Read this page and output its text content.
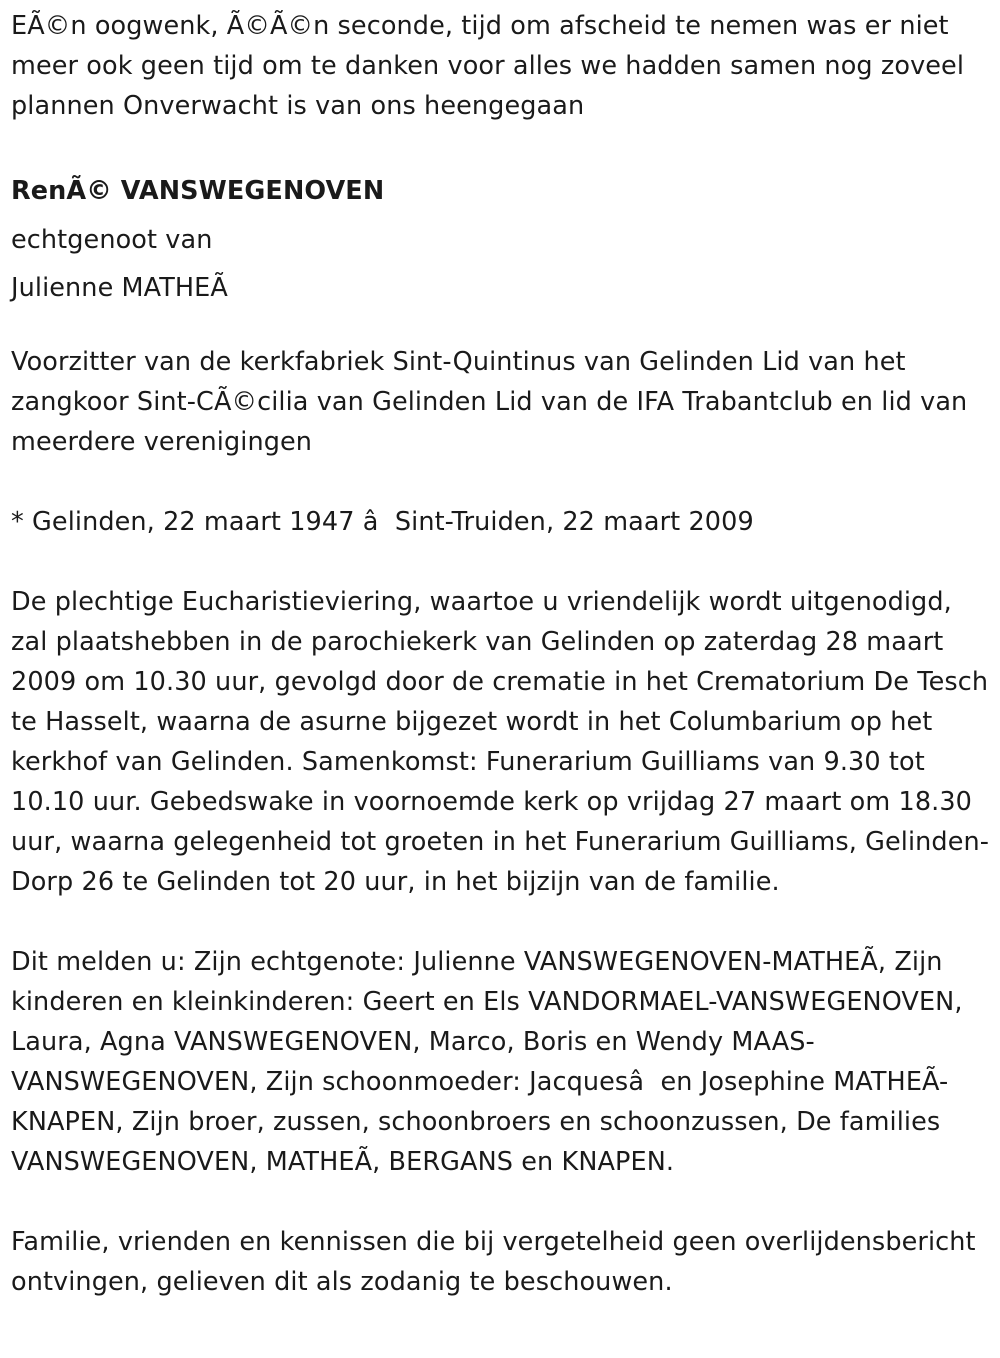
EÃ©n oogwenk, Ã©Ã©n seconde, tijd om afscheid te nemen was er niet meer ook geen tijd om te danken voor alles we hadden samen nog zoveel plannen Onverwacht is van ons heengegaan

RenÃ© VANSWEGENOVEN

echtgenoot van

Julienne MATHEÃ

Voorzitter van de kerkfabriek Sint-Quintinus van Gelinden Lid van het zangkoor Sint-CÃ©cilia van Gelinden Lid van de IFA Trabantclub en lid van meerdere verenigingen

* Gelinden, 22 maart 1947 â  Sint-Truiden, 22 maart 2009

De plechtige Eucharistieviering, waartoe u vriendelijk wordt uitgenodigd, zal plaatshebben in de parochiekerk van Gelinden op zaterdag 28 maart 2009 om 10.30 uur, gevolgd door de crematie in het Crematorium De Tesch te Hasselt, waarna de asurne bijgezet wordt in het Columbarium op het kerkhof van Gelinden. Samenkomst: Funerarium Guilliams van 9.30 tot 10.10 uur. Gebedswake in voornoemde kerk op vrijdag 27 maart om 18.30 uur, waarna gelegenheid tot groeten in het Funerarium Guilliams, Gelinden-Dorp 26 te Gelinden tot 20 uur, in het bijzijn van de familie.

Dit melden u: Zijn echtgenote: Julienne VANSWEGENOVEN-MATHEÃ, Zijn kinderen en kleinkinderen: Geert en Els VANDORMAEL-VANSWEGENOVEN, Laura, Agna VANSWEGENOVEN, Marco, Boris en Wendy MAAS-VANSWEGENOVEN, Zijn schoonmoeder: Jacquesâ  en Josephine MATHEÃ-KNAPEN, Zijn broer, zussen, schoonbroers en schoonzussen, De families VANSWEGENOVEN, MATHEÃ, BERGANS en KNAPEN.

Familie, vrienden en kennissen die bij vergetelheid geen overlijdensbericht ontvingen, gelieven dit als zodanig te beschouwen.
